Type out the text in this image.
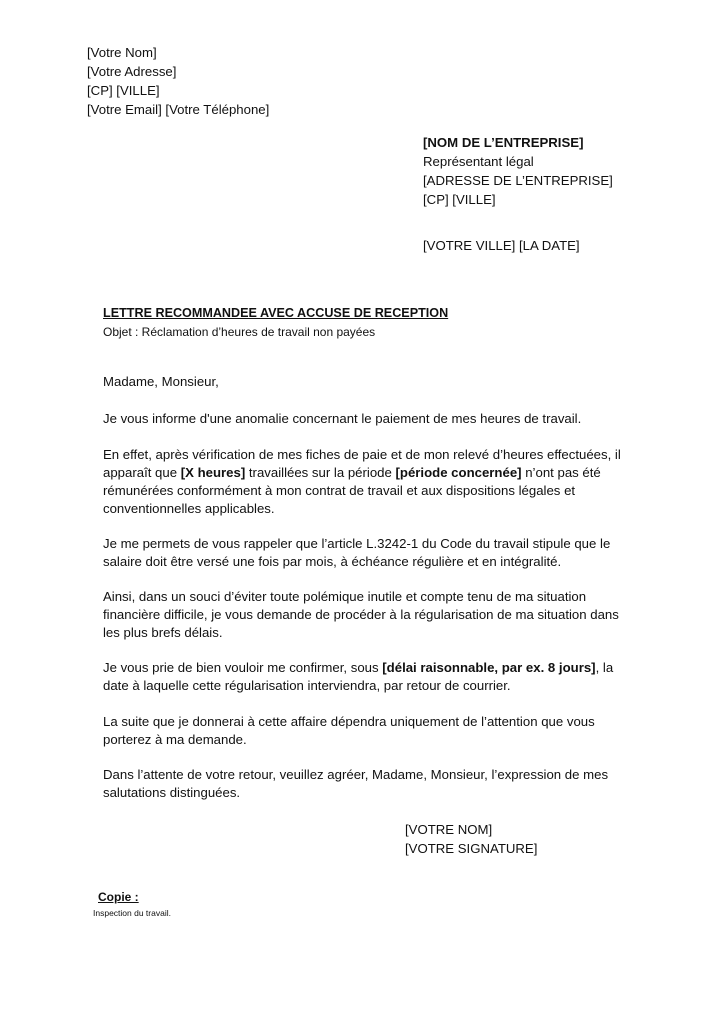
[Votre Nom]
[Votre Adresse]
[CP] [VILLE]
[Votre Email] [Votre Téléphone]
[NOM DE L’ENTREPRISE]
Représentant légal
[ADRESSE DE L’ENTREPRISE]
[CP] [VILLE]
[VOTRE VILLE] [LA DATE]
LETTRE RECOMMANDEE AVEC ACCUSE DE RECEPTION
Objet : Réclamation d’heures de travail non payées
Madame, Monsieur,
Je vous informe d'une anomalie concernant le paiement de mes heures de travail.
En effet, après vérification de mes fiches de paie et de mon relevé d’heures effectuées, il
apparaît que [X heures] travaillées sur la période [période concernée] n’ont pas été
rémunérées conformément à mon contrat de travail et aux dispositions légales et
conventionnelles applicables.
Je me permets de vous rappeler que l’article L.3242-1 du Code du travail stipule que le
salaire doit être versé une fois par mois, à échéance régulière et en intégralité.
Ainsi, dans un souci d’éviter toute polémique inutile et compte tenu de ma situation
financière difficile, je vous demande de procéder à la régularisation de ma situation dans
les plus brefs délais.
Je vous prie de bien vouloir me confirmer, sous [délai raisonnable, par ex. 8 jours], la
date à laquelle cette régularisation interviendra, par retour de courrier.
La suite que je donnerai à cette affaire dépendra uniquement de l’attention que vous
porterez à ma demande.
Dans l’attente de votre retour, veuillez agréer, Madame, Monsieur, l’expression de mes
salutations distinguées.
[VOTRE NOM]
[VOTRE SIGNATURE]
Copie :
Inspection du travail.
